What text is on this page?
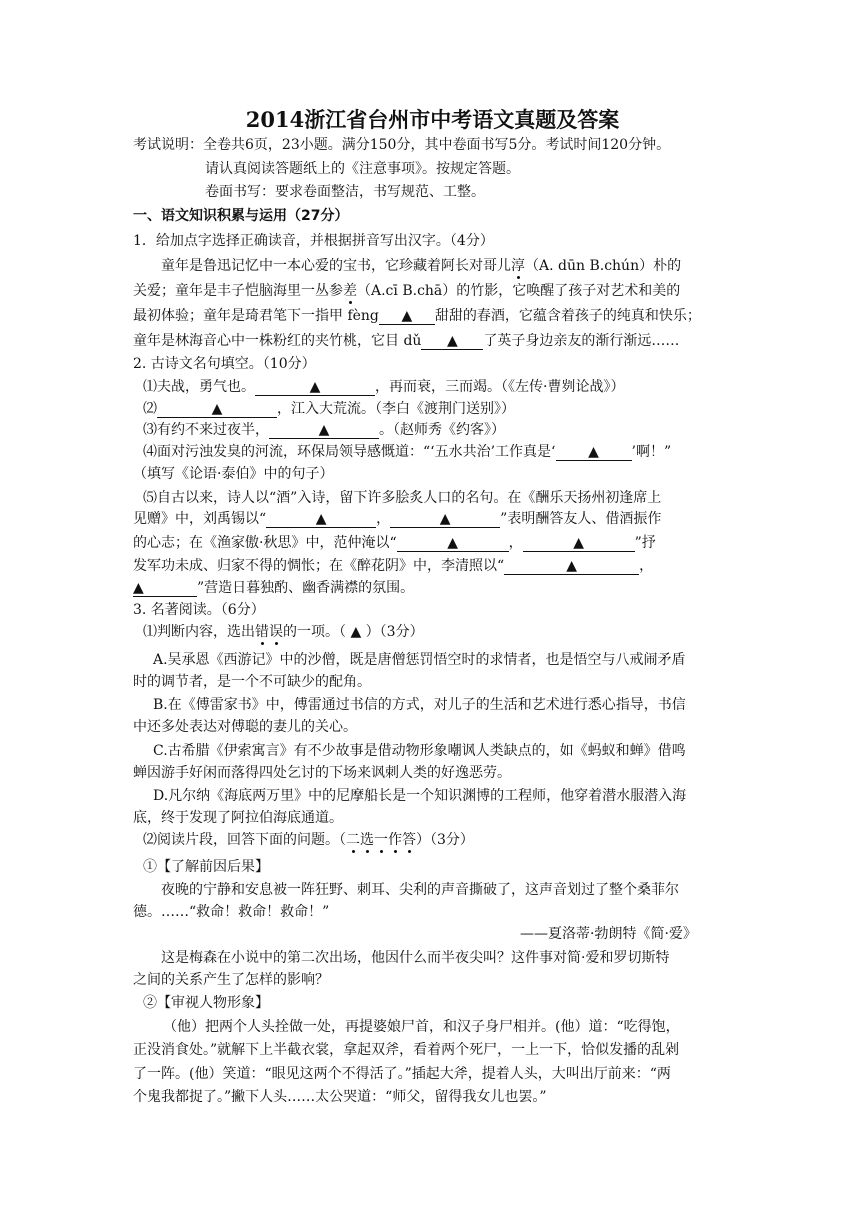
2014浙江省台州市中考语文真题及答案
考试说明：全卷共6页，23小题。满分150分，其中卷面书写5分。考试时间120分钟。
请认真阅读答题纸上的《注意事项》。按规定答题。
卷面书写：要求卷面整洁，书写规范、工整。
一、语文知识积累与运用（27分）
1．给加点字选择正确读音，并根据拼音写出汉字。（4分）
童年是鲁迅记忆中一本心爱的宝书，它珍藏着阿长对哥儿淳（A. dūn B.chún）朴的
关爱；童年是丰子恺脑海里一丛参差（A.cī B.chā）的竹影，它唤醒了孩子对艺术和美的
最初体验；童年是琦君笔下一指甲 fèng ▲ 甜甜的春酒，它蕴含着孩子的纯真和快乐；
童年是林海音心中一株粉红的夹竹桃，它目 dǔ ▲ 了英子身边亲友的渐行渐远……
2. 古诗文名句填空。（10分）
⑴夫战，勇气也。	▲	，再而衰，三而竭。（《左传·曹刿论战》）
⑵	▲	，江入大荒流。（李白《渡荆门送别》）
⑶有约不来过夜半，	▲	。（赵师秀《约客》）
⑷面对污浊发臭的河流，环保局领导感慨道：“‘五水共治’工作真是‘ ▲ ’啊！”
（填写《论语·泰伯》中的句子）
⑸自古以来，诗人以“酒”入诗，留下许多脍炙人口的名句。在《酬乐天扬州初逢席上
见赠》中，刘禹锡以“	▲	，	▲	”表明酬答友人、借酒振作
的心志；在《渔家傲·秋思》中，范仲淹以“	▲	，	▲	”抒
发军功未成、归家不得的惆怅；在《醉花阴》中，李清照以“	▲	，
▲	”营造日暮独酌、幽香满襟的氛围。
3. 名著阅读。（6分）
⑴判断内容，选出错误的一项。（ ▲ ）（3分）
A.吴承恩《西游记》中的沙僧，既是唐僧惩罚悟空时的求情者，也是悟空与八戒闹矛盾
时的调节者，是一个不可缺少的配角。
B.在《傅雷家书》中，傅雷通过书信的方式，对儿子的生活和艺术进行悉心指导，书信
中还多处表达对傅聪的妻儿的关心。
C.古希腊《伊索寓言》有不少故事是借动物形象嘲讽人类缺点的，如《蚂蚁和蝉》借鸣
蝉因游手好闲而落得四处乞讨的下场来讽刺人类的好逸恶劳。
D.凡尔纳《海底两万里》中的尼摩船长是一个知识渊博的工程师，他穿着潜水服潜入海
底，终于发现了阿拉伯海底通道。
⑵阅读片段，回答下面的问题。（二选一作答）（3分）
①【了解前因后果】
夜晚的宁静和安息被一阵狂野、刺耳、尖利的声音撕破了，这声音划过了整个桑菲尔
德。……“救命！救命！救命！”
——夏洛蒂·勃朗特《简·爱》
这是梅森在小说中的第二次出场，他因什么而半夜尖叫？这件事对简·爱和罗切斯特
之间的关系产生了怎样的影响？
②【审视人物形象】
（他）把两个人头拴做一处，再提婆娘尸首，和汉子身尸相并。(他）道：“吃得饱，
正没消食处。”就解下上半截衣裳，拿起双斧，看着两个死尸，一上一下，恰似发播的乱剁
了一阵。(他）笑道：“眼见这两个不得活了。”插起大斧，提着人头，大叫出厅前来：“两
个鬼我都捉了。”撇下人头……太公哭道：“师父，留得我女儿也罢。”
